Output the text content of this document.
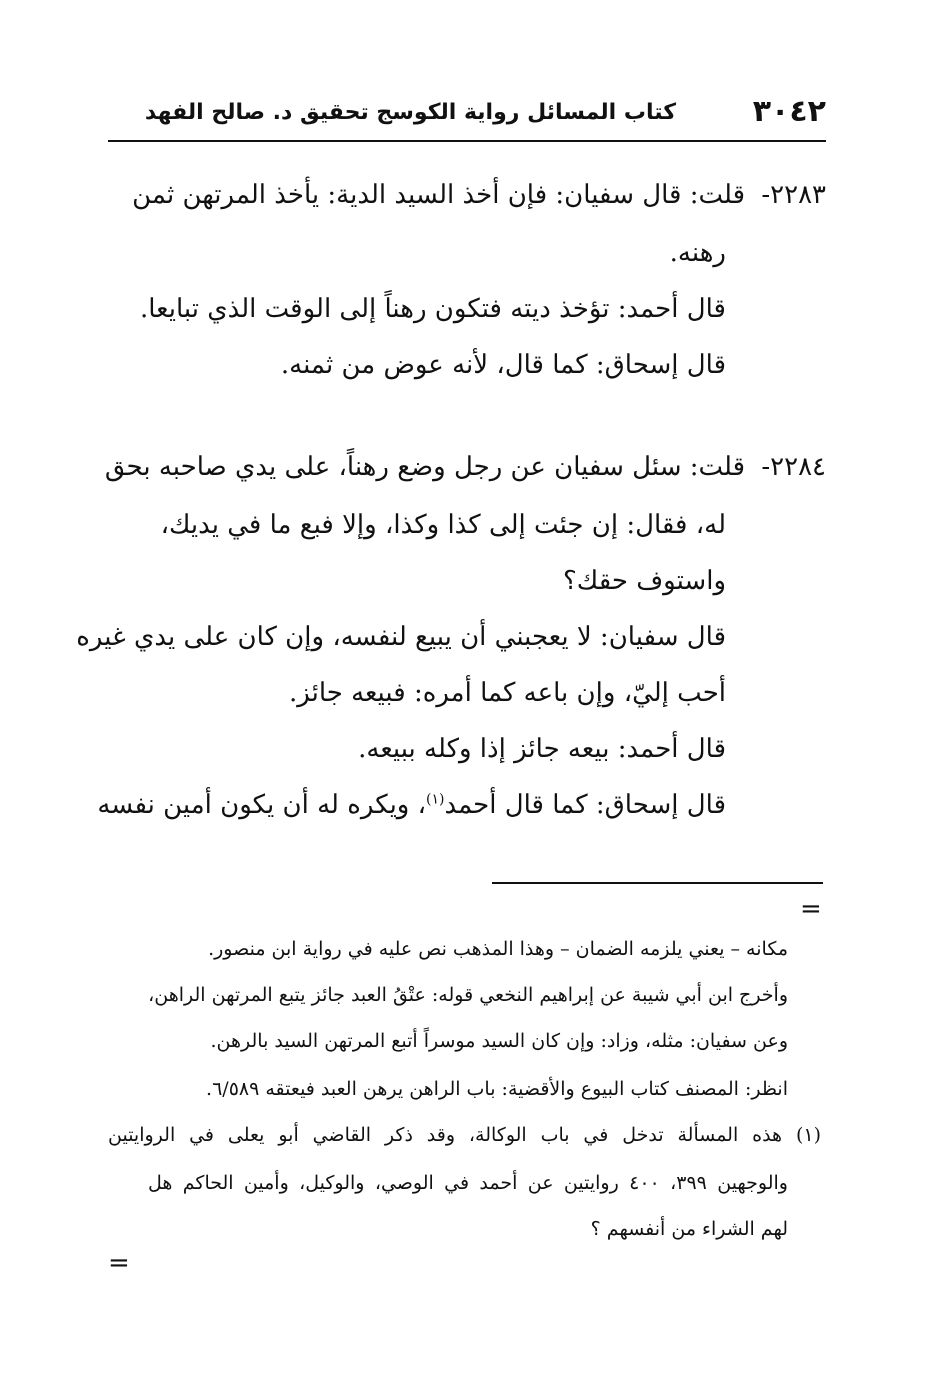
٣٠٤٢
كتاب المسائل رواية الكوسج تحقيق د. صالح الفهد
٢٢٨٣- قلت: قال سفيان: فإن أخذ السيد الدية: يأخذ المرتهن ثمن
رهنه.
قال أحمد: تؤخذ ديته فتكون رهناً إلى الوقت الذي تبايعا.
قال إسحاق: كما قال، لأنه عوض من ثمنه.
٢٢٨٤- قلت: سئل سفيان عن رجل وضع رهناً، على يدي صاحبه بحق
له، فقال: إن جئت إلى كذا وكذا، وإلا فبع ما في يديك،
واستوف حقك؟
قال سفيان: لا يعجبني أن يبيع لنفسه، وإن كان على يدي غيره
أحب إليّ، وإن باعه كما أمره: فبيعه جائز.
قال أحمد: بيعه جائز إذا وكله ببيعه.
قال إسحاق: كما قال أحمد$^{(١)}$، ويكره له أن يكون أمين نفسه
=
مكانه – يعني يلزمه الضمان – وهذا المذهب نص عليه في رواية ابن منصور.
وأخرج ابن أبي شيبة عن إبراهيم النخعي قوله: عتْقُ العبد جائز يتبع المرتهن الراهن،
وعن سفيان: مثله، وزاد: وإن كان السيد موسراً أتبع المرتهن السيد بالرهن.
انظر: المصنف كتاب البيوع والأقضية: باب الراهن يرهن العبد فيعتقه ٦/٥٨٩.
(١) هذه المسألة تدخل في باب الوكالة، وقد ذكر القاضي أبو يعلى في الروايتين
والوجهين ٣٩٩، ٤٠٠ روايتين عن أحمد في الوصي، والوكيل، وأمين الحاكم هل
لهم الشراء من أنفسهم ؟
=
